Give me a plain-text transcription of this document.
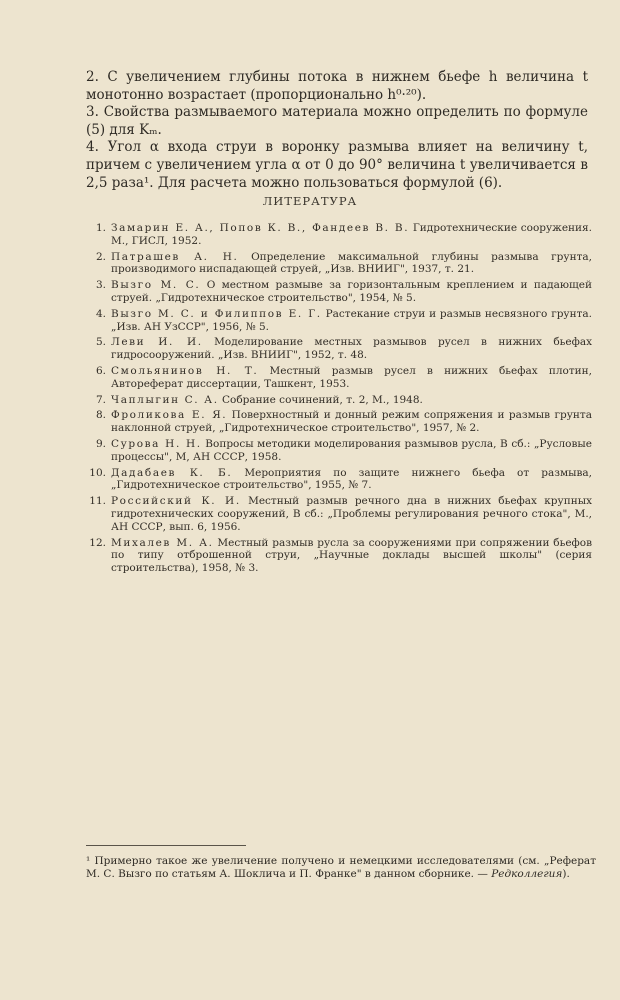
2. С увеличением глубины потока в нижнем бьефе h величина t монотонно возрастает (пропорционально h⁰·²⁰).

3. Свойства размываемого материала можно определить по формуле (5) для Kₘ.

4. Угол α входа струи в воронку размыва влияет на величину t, причем с увеличением угла α от 0 до 90° величина t увеличивается в 2,5 раза¹. Для расчета можно пользоваться формулой (6).

ЛИТЕРАТУРА

1. Замарин Е. А., Попов К. В., Фандеев В. В. Гидротехнические сооружения. М., ГИСЛ, 1952.
2. Патрашев А. Н. Определение максимальной глубины размыва грунта, производимого ниспадающей струей, „Изв. ВНИИГ", 1937, т. 21.
3. Вызго М. С. О местном размыве за горизонтальным креплением и падающей струей. „Гидротехническое строительство", 1954, № 5.
4. Вызго М. С. и Филиппов Е. Г. Растекание струи и размыв несвязного грунта. „Изв. АН УзССР", 1956, № 5.
5. Леви И. И. Моделирование местных размывов русел в нижних бьефах гидросооружений. „Изв. ВНИИГ", 1952, т. 48.
6. Смольянинов Н. Т. Местный размыв русел в нижних бьефах плотин, Автореферат диссертации, Ташкент, 1953.
7. Чаплыгин С. А. Собрание сочинений, т. 2, М., 1948.
8. Фроликова Е. Я. Поверхностный и донный режим сопряжения и размыв грунта наклонной струей, „Гидротехническое строительство", 1957, № 2.
9. Сурова Н. Н. Вопросы методики моделирования размывов русла, В сб.: „Русловые процессы", М, АН СССР, 1958.
10. Дадабаев К. Б. Мероприятия по защите нижнего бьефа от размыва, „Гидротехническое строительство", 1955, № 7.
11. Российский К. И. Местный размыв речного дна в нижних бьефах крупных гидротехнических сооружений, В сб.: „Проблемы регулирования речного стока", М., АН СССР, вып. 6, 1956.
12. Михалев М. А. Местный размыв русла за сооружениями при сопряжении бьефов по типу отброшенной струи, „Научные доклады высшей школы" (серия строительства), 1958, № 3.

¹ Примерно такое же увеличение получено и немецкими исследователями (см. „Реферат М. С. Вызго по статьям А. Шоклича и П. Франке" в данном сборнике. — Редколлегия).
